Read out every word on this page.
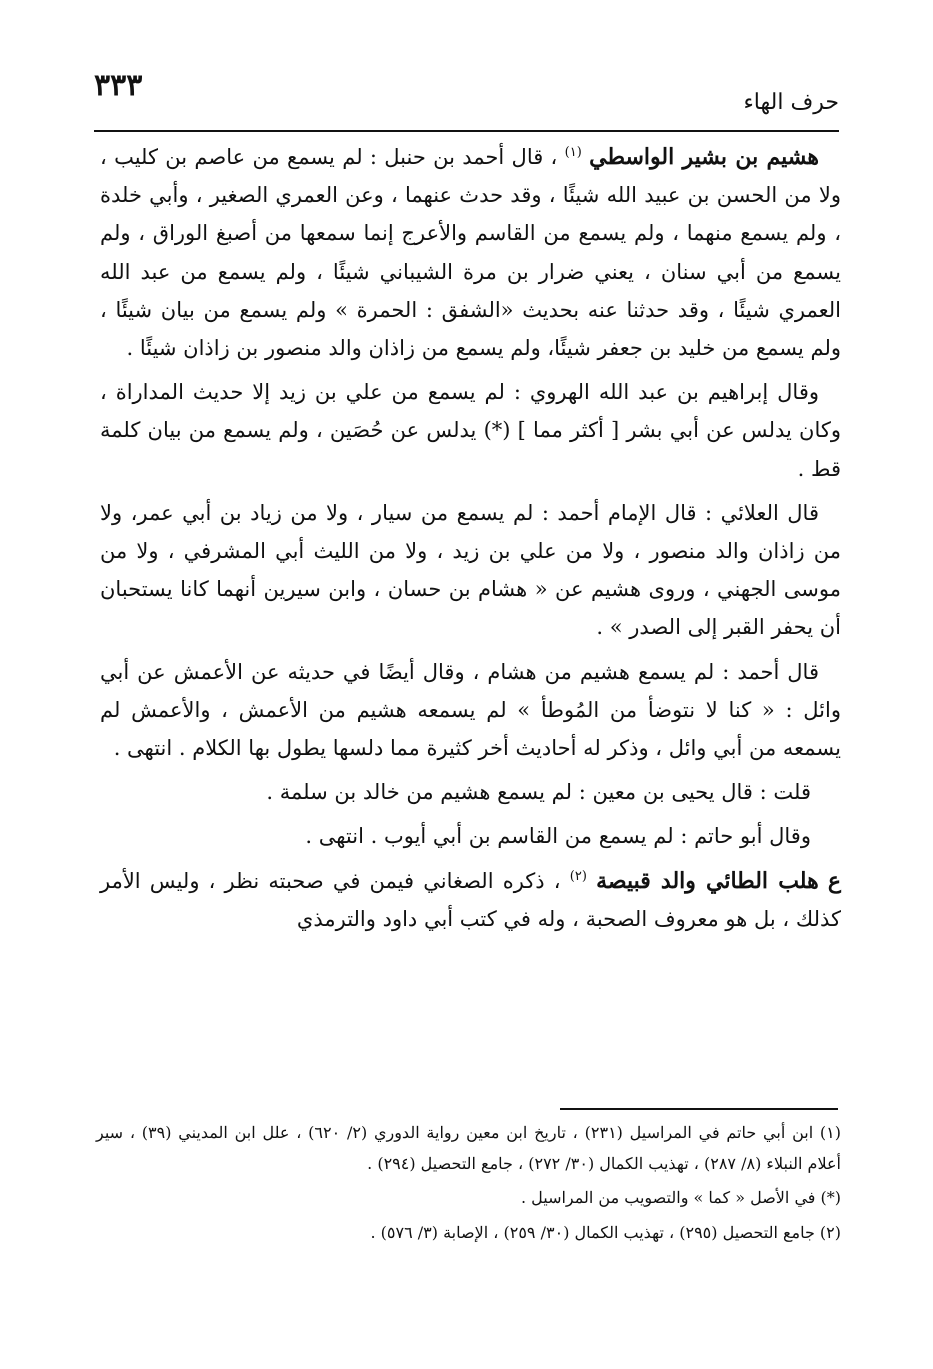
٣٣٣	حرف الهاء

هشيم بن بشير الواسطي $^{(١)}$ ، قال أحمد بن حنبل : لم يسمع من عاصم بن كليب ، ولا من الحسن بن عبيد الله شيئًا ، وقد حدث عنهما ، وعن العمري الصغير ، وأبي خلدة ، ولم يسمع منهما ، ولم يسمع من القاسم والأعرج إنما سمعها من أصبغ الوراق ، ولم يسمع من أبي سنان ، يعني ضرار بن مرة الشيباني شيئًا ، ولم يسمع من عبد الله العمري شيئًا ، وقد حدثنا عنه بحديث «الشفق : الحمرة » ولم يسمع من بيان شيئًا ، ولم يسمع من خليد بن جعفر شيئًا، ولم يسمع من زاذان والد منصور بن زاذان شيئًا .

وقال إبراهيم بن عبد الله الهروي : لم يسمع من علي بن زيد إلا حديث المداراة ، وكان يدلس عن أبي بشر [ أكثر مما ] (*) يدلس عن حُصَين ، ولم يسمع من بيان كلمة قط .

قال العلائي : قال الإمام أحمد : لم يسمع من سيار ، ولا من زياد بن أبي عمر، ولا من زاذان والد منصور ، ولا من علي بن زيد ، ولا من الليث أبي المشرفي ، ولا من موسى الجهني ، وروى هشيم عن « هشام بن حسان ، وابن سيرين أنهما كانا يستحبان أن يحفر القبر إلى الصدر » .

قال أحمد : لم يسمع هشيم من هشام ، وقال أيضًا في حديثه عن الأعمش عن أبي وائل : « كنا لا نتوضأ من المُوطأ » لم يسمعه هشيم من الأعمش ، والأعمش لم يسمعه من أبي وائل ، وذكر له أحاديث أخر كثيرة مما دلسها يطول بها الكلام . انتهى .

قلت : قال يحيى بن معين : لم يسمع هشيم من خالد بن سلمة .

وقال أبو حاتم : لم يسمع من القاسم بن أبي أيوب . انتهى .

ع هلب الطائي والد قبيصة $^{(٢)}$ ، ذكره الصغاني فيمن في صحبته نظر ، وليس الأمر كذلك ، بل هو معروف الصحبة ، وله في كتب أبي داود والترمذي

(١) ابن أبي حاتم في المراسيل (٢٣١) ، تاريخ ابن معين رواية الدوري (٢/ ٦٢٠) ، علل ابن المديني (٣٩) ، سير أعلام النبلاء (٨/ ٢٨٧) ، تهذيب الكمال (٣٠/ ٢٧٢) ، جامع التحصيل (٢٩٤) .

(*) في الأصل « كما » والتصويب من المراسيل .

(٢) جامع التحصيل (٢٩٥) ، تهذيب الكمال (٣٠/ ٢٥٩) ، الإصابة (٣/ ٥٧٦) .
